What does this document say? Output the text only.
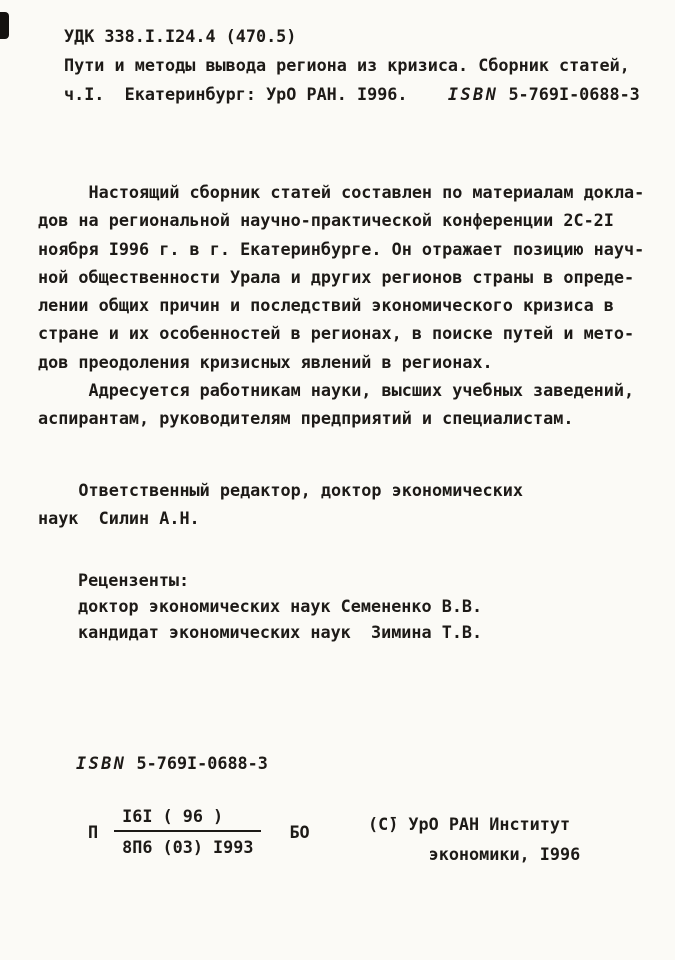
УДК 338.I.I24.4 (470.5)
Пути и методы вывода региона из кризиса. Сборник статей,
ч.I.  Екатеринбург: УрО РАН. I996.    ISBN 5-769I-0688-3
Настоящий сборник статей составлен по материалам докла-
дов на региональной научно-практической конференции 2С-2I
ноября I996 г. в г. Екатеринбурге. Он отражает позицию науч-
ной общественности Урала и других регионов страны в опреде-
лении общих причин и последствий экономического кризиса в
стране и их особенностей в регионах, в поиске путей и мето-
дов преодоления кризисных явлений в регионах.
Адресуется работникам науки, высших учебных заведений,
аспирантам, руководителям предприятий и специалистам.
Ответственный редактор, доктор экономических
наук  Силин А.Н.
Рецензенты:
доктор экономических наук Семененко В.В.
кандидат экономических наук  Зимина Т.В.
ISBN 5-769I-0688-3
П $\frac{I6I ( 96 )}{8П6 (03) I993}$ БО	(С̄) УрО РАН Институт
экономики, I996
